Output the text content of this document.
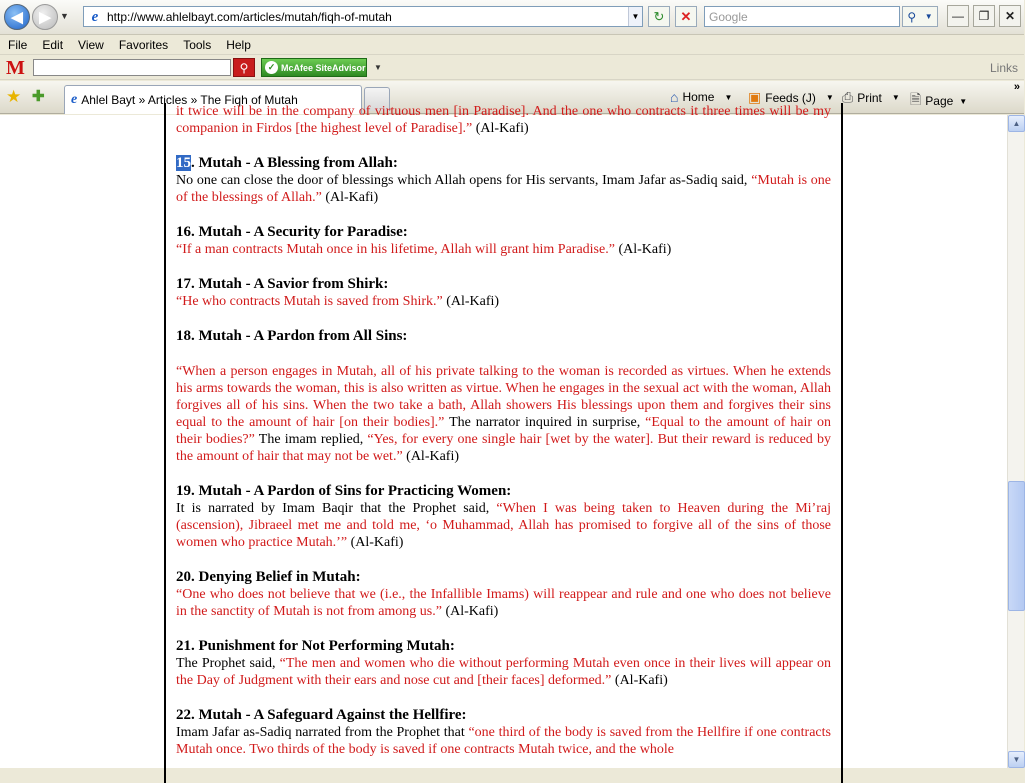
◀ ▶ ▼	e http://www.ahlelbayt.com/articles/mutah/fiqh-of-mutah	▼ ↻ ✕	Google	⚲ ▼ — ❐ ✕
File	Edit	View	Favorites	Tools	Help
M	⚲	✓ McAfee SiteAdvisor ▼	Links
★ ✚ e Ahlel Bayt » Articles » The Fiqh of Mutah	⌂ Home ▼ ▣ Feeds (J) ▼ ⎙ Print ▼ 🗎 Page ▼
»

it twice will be in the company of virtuous men [in Paradise]. And the one who contracts it three times will be my companion in Firdos [the highest level of Paradise].” (Al-Kafi)

15. Mutah - A Blessing from Allah:

No one can close the door of blessings which Allah opens for His servants, Imam Jafar as-Sadiq said, “Mutah is one of the blessings of Allah.” (Al-Kafi)

16. Mutah - A Security for Paradise:

“If a man contracts Mutah once in his lifetime, Allah will grant him Paradise.” (Al-Kafi)

17. Mutah - A Savior from Shirk:

“He who contracts Mutah is saved from Shirk.” (Al-Kafi)

18. Mutah - A Pardon from All Sins:

“When a person engages in Mutah, all of his private talking to the woman is recorded as virtues. When he extends his arms towards the woman, this is also written as virtue. When he engages in the sexual act with the woman, Allah forgives all of his sins. When the two take a bath, Allah showers His blessings upon them and forgives their sins equal to the amount of hair [on their bodies].” The narrator inquired in surprise, “Equal to the amount of hair on their bodies?” The imam replied, “Yes, for every one single hair [wet by the water]. But their reward is reduced by the amount of hair that may not be wet.” (Al-Kafi)

19. Mutah - A Pardon of Sins for Practicing Women:

It is narrated by Imam Baqir that the Prophet said, “When I was being taken to Heaven during the Mi’raj (ascension), Jibraeel met me and told me, ‘o Muhammad, Allah has promised to forgive all of the sins of those women who practice Mutah.’” (Al-Kafi)

20. Denying Belief in Mutah:

“One who does not believe that we (i.e., the Infallible Imams) will reappear and rule and one who does not believe in the sanctity of Mutah is not from among us.” (Al-Kafi)

21. Punishment for Not Performing Mutah:

The Prophet said, “The men and women who die without performing Mutah even once in their lives will appear on the Day of Judgment with their ears and nose cut and [their faces] deformed.” (Al-Kafi)

22. Mutah - A Safeguard Against the Hellfire:

Imam Jafar as-Sadiq narrated from the Prophet that “one third of the body is saved from the Hellfire if one contracts Mutah once. Two thirds of the body is saved if one contracts Mutah twice, and the whole

▲
▼
